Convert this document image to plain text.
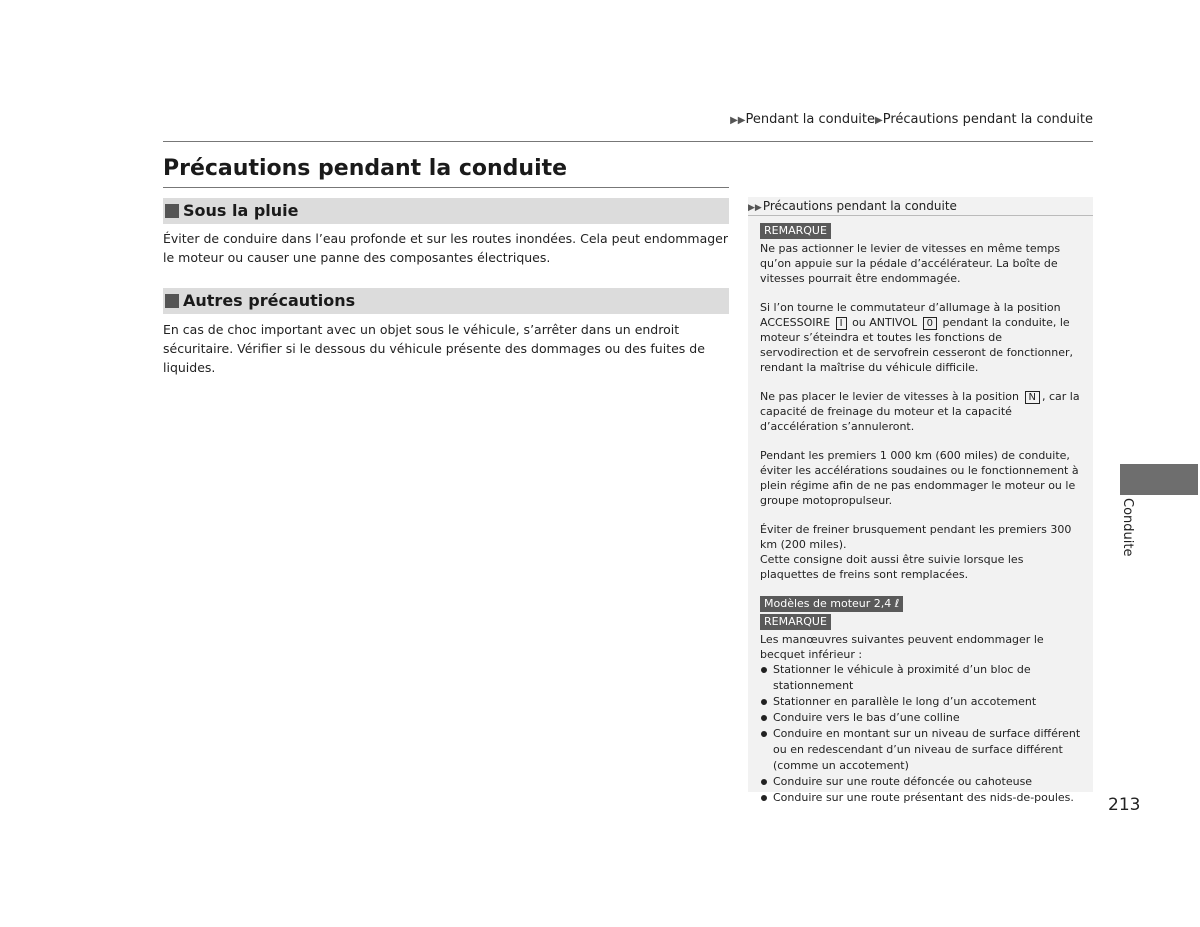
▶▶Pendant la conduite▶Précautions pendant la conduite
Précautions pendant la conduite
Sous la pluie
Éviter de conduire dans l’eau profonde et sur les routes inondées. Cela peut endommager le moteur ou causer une panne des composantes électriques.
Autres précautions
En cas de choc important avec un objet sous le véhicule, s’arrêter dans un endroit sécuritaire. Vérifier si le dessous du véhicule présente des dommages ou des fuites de liquides.
▶▶Précautions pendant la conduite
REMARQUE

Ne pas actionner le levier de vitesses en même temps qu’on appuie sur la pédale d’accélérateur. La boîte de vitesses pourrait être endommagée.

Si l’on tourne le commutateur d’allumage à la position ACCESSOIRE I ou ANTIVOL 0 pendant la conduite, le moteur s’éteindra et toutes les fonctions de servodirection et de servofrein cesseront de fonctionner, rendant la maîtrise du véhicule difficile.

Ne pas placer le levier de vitesses à la position N , car la capacité de freinage du moteur et la capacité d’accélération s’annuleront.

Pendant les premiers 1 000 km (600 miles) de conduite, éviter les accélérations soudaines ou le fonctionnement à plein régime afin de ne pas endommager le moteur ou le groupe motopropulseur.

Éviter de freiner brusquement pendant les premiers 300 km (200 miles).
Cette consigne doit aussi être suivie lorsque les plaquettes de freins sont remplacées.

Modèles de moteur 2,4 ℓ
REMARQUE
Les manœuvres suivantes peuvent endommager le becquet inférieur :
Stationner le véhicule à proximité d’un bloc de stationnement
Stationner en parallèle le long d’un accotement
Conduire vers le bas d’une colline
Conduire en montant sur un niveau de surface différent ou en redescendant d’un niveau de surface différent (comme un accotement)
Conduire sur une route défoncée ou cahoteuse
Conduire sur une route présentant des nids-de-poules.
Conduite
213
